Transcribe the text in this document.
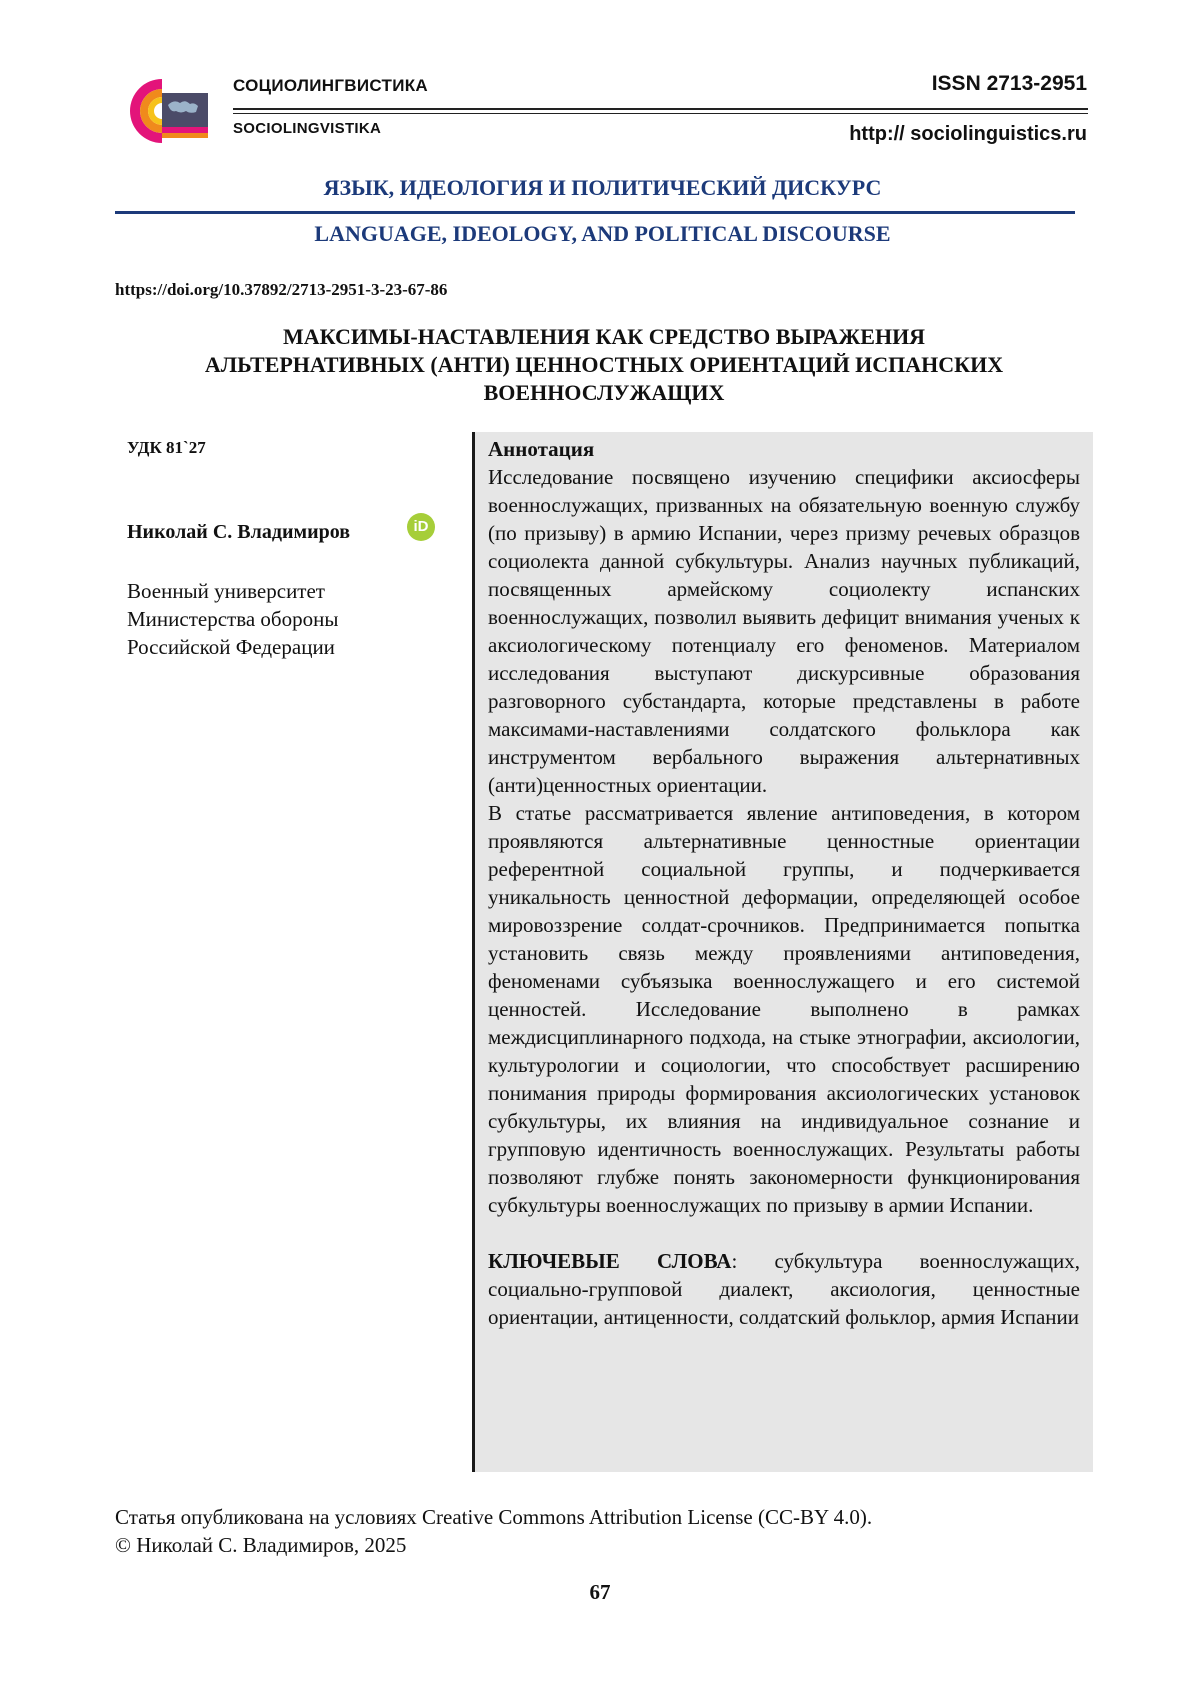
СОЦИОЛИНГВИСТИКА
SOCIOLINGVISTIKA
ISSN 2713-2951
http:// sociolinguistics.ru
ЯЗЫК, ИДЕОЛОГИЯ И ПОЛИТИЧЕСКИЙ ДИСКУРС
LANGUAGE, IDEOLOGY, AND POLITICAL DISCOURSE
https://doi.org/10.37892/2713-2951-3-23-67-86
МАКСИМЫ-НАСТАВЛЕНИЯ КАК СРЕДСТВО ВЫРАЖЕНИЯ
АЛЬТЕРНАТИВНЫХ (АНТИ) ЦЕННОСТНЫХ ОРИЕНТАЦИЙ ИСПАНСКИХ
ВОЕННОСЛУЖАЩИХ
УДК 81`27
Николай С. Владимиров	iD
Военный университет
Министерства обороны
Российской Федерации
Аннотация

Исследование посвящено изучению специфики аксиосферы военнослужащих, призванных на обязательную военную службу (по призыву) в армию Испании, через призму речевых образцов социолекта данной субкультуры. Анализ научных публикаций, посвященных армейскому социолекту испанских военнослужащих, позволил выявить дефицит внимания ученых к аксиологическому потенциалу его феноменов. Материалом исследования выступают дискурсивные образования разговорного субстандарта, которые представлены в работе максимами-наставлениями солдатского фольклора как инструментом вербального выражения альтернативных (анти)ценностных ориентации.

В статье рассматривается явление антиповедения, в котором проявляются альтернативные ценностные ориентации референтной социальной группы, и подчеркивается уникальность ценностной деформации, определяющей особое мировоззрение солдат-срочников. Предпринимается попытка установить связь между проявлениями антиповедения, феноменами субъязыка военнослужащего и его системой ценностей. Исследование выполнено в рамках междисциплинарного подхода, на стыке этнографии, аксиологии, культурологии и социологии, что способствует расширению понимания природы формирования аксиологических установок субкультуры, их влияния на индивидуальное сознание и групповую идентичность военнослужащих. Результаты работы позволяют глубже понять закономерности функционирования субкультуры военнослужащих по призыву в армии Испании.

КЛЮЧЕВЫЕ СЛОВА: субкультура военнослужащих, социально-групповой диалект, аксиология, ценностные ориентации, антиценности, солдатский фольклор, армия Испании
Статья опубликована на условиях Creative Commons Attribution License (CC-BY 4.0).
© Николай С. Владимиров, 2025
67
